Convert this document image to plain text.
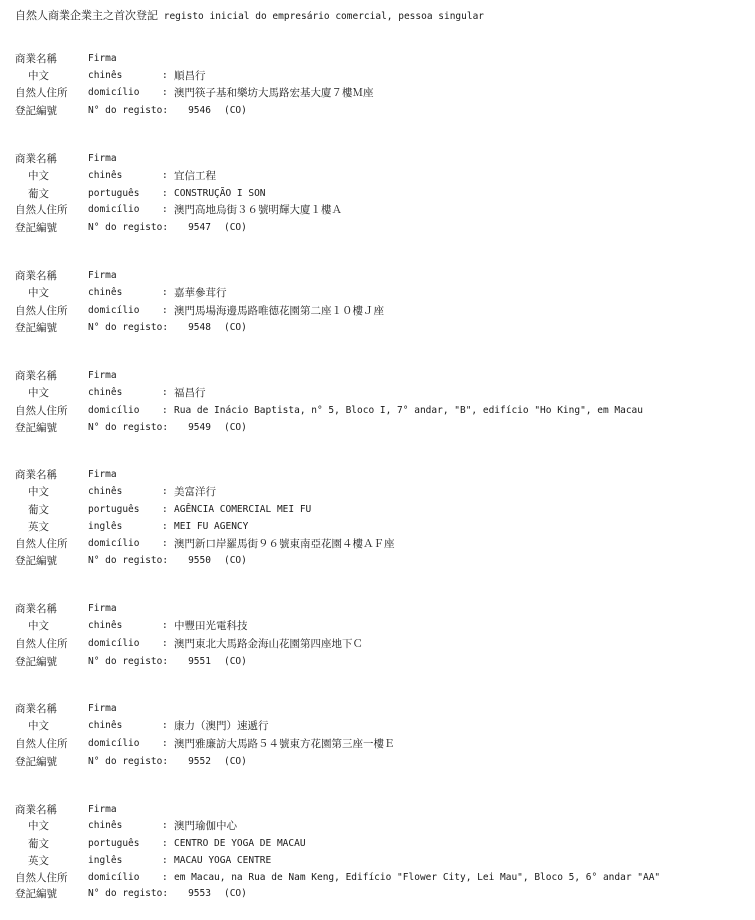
自然人商業企業主之首次登記 registo inicial do empresário comercial, pessoa singular
商業名稱	Firma
中文	chinês	: 順昌行
自然人住所	domicílio	: 澳門筷子基和樂坊大馬路宏基大廈７樓Ｍ座
登記編號	N° do registo: 9546 (CO)
商業名稱	Firma
中文	chinês	: 宜信工程
葡文	português	: CONSTRUÇÃO I SON
自然人住所	domicílio	: 澳門高地烏街３６號明輝大廈１樓Ａ
登記編號	N° do registo: 9547 (CO)
商業名稱	Firma
中文	chinês	: 嘉華參茸行
自然人住所	domicílio	: 澳門馬場海邊馬路唯德花園第二座１０樓Ｊ座
登記編號	N° do registo: 9548 (CO)
商業名稱	Firma
中文	chinês	: 福昌行
自然人住所	domicílio	: Rua de Inácio Baptista, n° 5, Bloco I, 7° andar, "B", edifício "Ho King", em Macau
登記編號	N° do registo: 9549 (CO)
商業名稱	Firma
中文	chinês	: 美富洋行
葡文	português	: AGÊNCIA COMERCIAL MEI FU
英文	inglês	: MEI FU AGENCY
自然人住所	domicílio	: 澳門新口岸羅馬街９６號東南亞花園４樓ＡＦ座
登記編號	N° do registo: 9550 (CO)
商業名稱	Firma
中文	chinês	: 中豐田光電科技
自然人住所	domicílio	: 澳門東北大馬路金海山花園第四座地下Ｃ
登記編號	N° do registo: 9551 (CO)
商業名稱	Firma
中文	chinês	: 康力（澳門）速遞行
自然人住所	domicílio	: 澳門雅廉訪大馬路５４號東方花園第三座一樓Ｅ
登記編號	N° do registo: 9552 (CO)
商業名稱	Firma
中文	chinês	: 澳門瑜伽中心
葡文	português	: CENTRO DE YOGA DE MACAU
英文	inglês	: MACAU YOGA CENTRE
自然人住所	domicílio	: em Macau, na Rua de Nam Keng, Edifício "Flower City, Lei Mau", Bloco 5, 6° andar "AA"
登記編號	N° do registo: 9553 (CO)
